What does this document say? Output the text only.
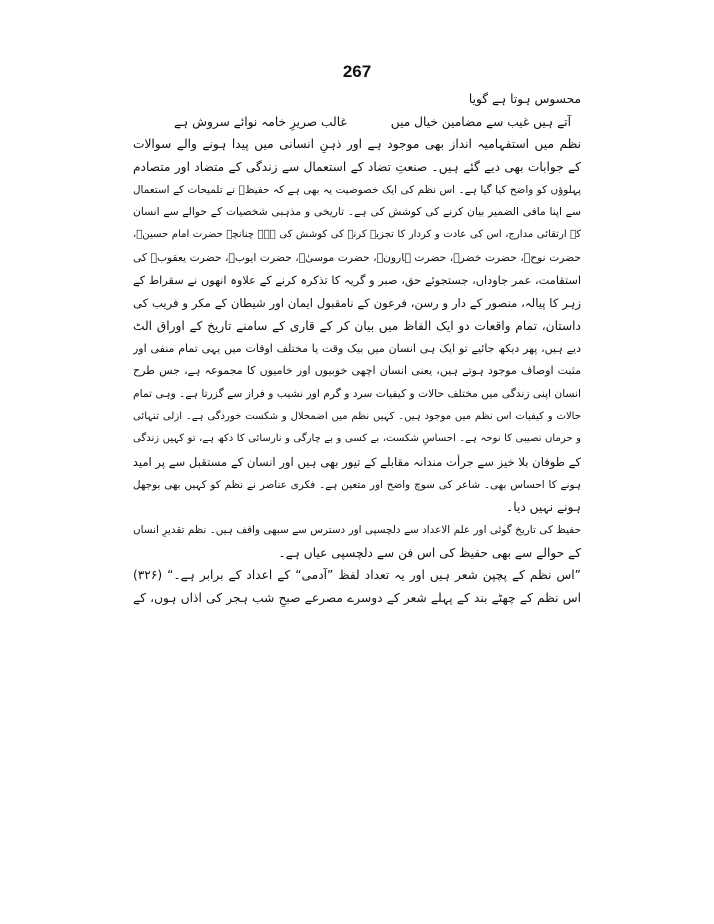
267
محسوس ہوتا ہے گویا
غالب صریرِ خامہ نوائے سروش ہے	آتے ہیں غیب سے مضامین خیال میں
نظم میں استفہامیہ انداز بھی موجود ہے اور ذہنِ انسانی میں پیدا ہونے والے سوالات
کے جوابات بھی دیے گئے ہیں۔ صنعتِ تضاد کے استعمال سے زندگی کے متضاد اور متصادم
پہلوؤں کو واضح کیا گیا ہے۔ اس نظم کی ایک خصوصیت یہ بھی ہے کہ حفیظؔ نے تلمیحات کے استعمال
سے اپنا مافی الضمیر بیان کرنے کی کوشش کی ہے۔ تاریخی و مذہبی شخصیات کے حوالے سے انسان
کے ارتقائی مدارج، اس کی عادت و کردار کا تجزیہ کرنے کی کوشش کی ہے۔ چنانچہ حضرت امام حسینؑ،
حضرت نوحؑ، حضرت خضرؑ، حضرت ہارونؑ، حضرت موسیٰؑ، حضرت ایوبؑ، حضرت یعقوبؑ کی
استقامت، عمر جاوداں، جستجوئے حق، صبر و گریہ کا تذکرہ کرنے کے علاوہ انھوں نے سقراط کے
زہر کا پیالہ، منصور کے دار و رسن، فرعون کے نامقبول ایمان اور شیطان کے مکر و فریب کی
داستان، تمام واقعات دو ایک الفاظ میں بیان کر کے قاری کے سامنے تاریخ کے اوراق الٹ
دیے ہیں، پھر دیکھ جائیے تو ایک ہی انسان میں بیک وقت یا مختلف اوقات میں یہی تمام منفی اور
مثبت اوصاف موجود ہوتے ہیں، یعنی انسان اچھی خوبیوں اور خامیوں کا مجموعہ ہے، جس طرح
انسان اپنی زندگی میں مختلف حالات و کیفیات سرد و گرم اور نشیب و فراز سے گزرتا ہے۔ وہی تمام
حالات و کیفیات اس نظم میں موجود ہیں۔ کہیں نظم میں اضمحلال و شکست خوردگی ہے۔ ازلی تنہائی
و حرماں نصیبی کا نوحہ ہے۔ احساسِ شکست، بے کسی و بے چارگی و نارسائی کا دکھ ہے، تو کہیں زندگی
کے طوفان بلا خیز سے جرأت مندانہ مقابلے کے تیور بھی ہیں اور انسان کے مستقبل سے پر امید
ہونے کا احساس بھی۔ شاعر کی سوچ واضح اور متعین ہے۔ فکری عناصر نے نظم کو کہیں بھی بوجھل
ہونے نہیں دیا۔
حفیظ کی تاریخ گوئی اور علم الاعداد سے دلچسپی اور دسترس سے سبھی واقف ہیں۔ نظم تقدیرِ انساں
کے حوالے سے بھی حفیظ کی اس فن سے دلچسپی عیاں ہے۔
”اس نظم کے پچپن شعر ہیں اور یہ تعداد لفظ ”آدمی“ کے اعداد کے برابر ہے۔“ (۳۲۶)
اس نظم کے چھٹے بند کے پہلے شعر کے دوسرے مصرعے صبحِ شب ہجر کی اذاں ہوں، کے
